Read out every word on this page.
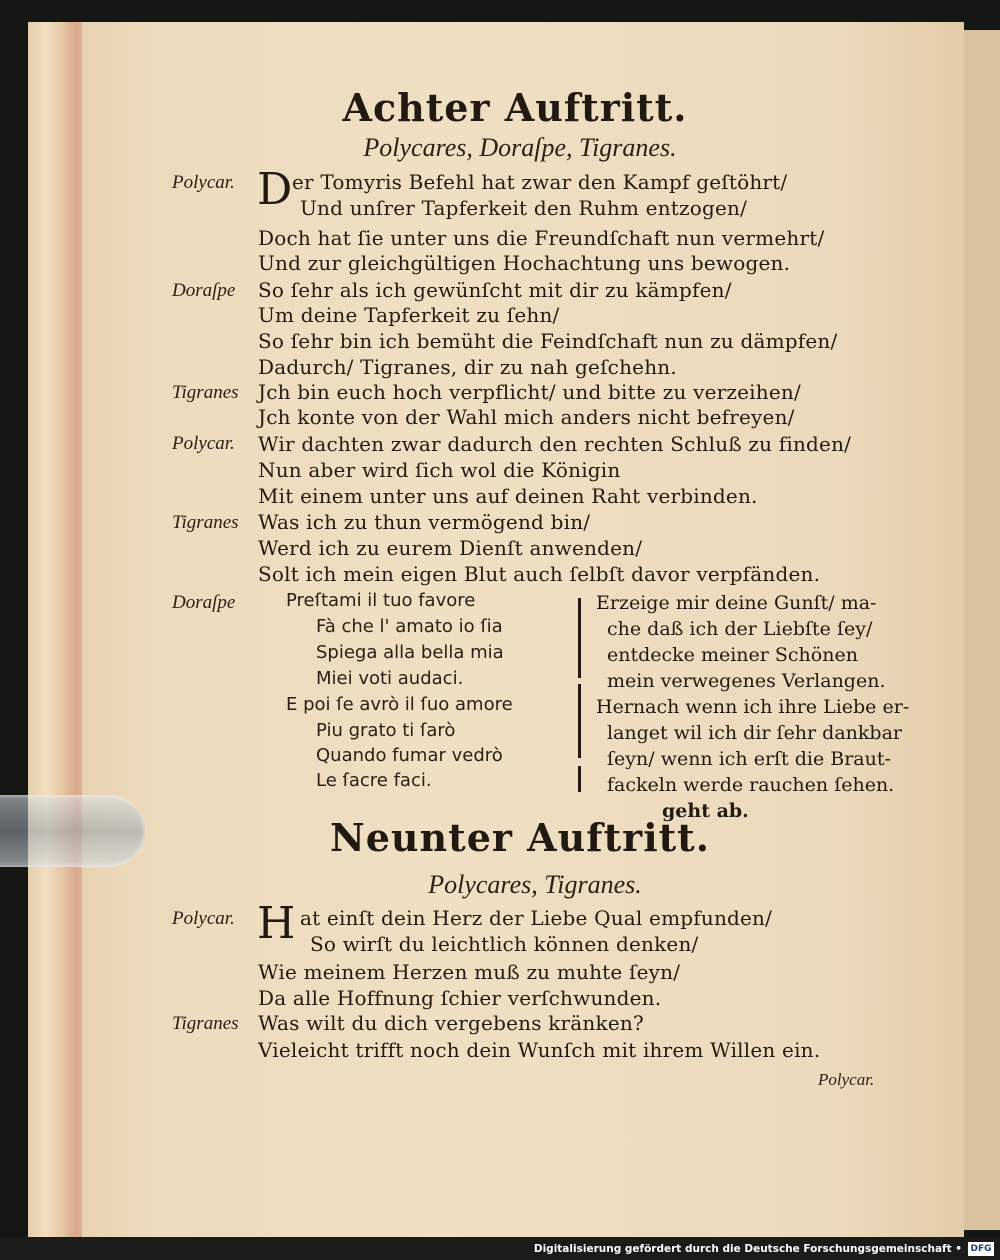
Achter Auftritt.
Polycares, Doraſpe, Tigranes.
Polycar. D er Tomyris Befehl hat zwar den Kampf geſtöhrt/
Und unſrer Tapferkeit den Ruhm entzogen/
Doch hat ſie unter uns die Freundſchaft nun vermehrt/
Und zur gleichgültigen Hochachtung uns bewogen.
Doraſpe So ſehr als ich gewünſcht mit dir zu kämpfen/
Um deine Tapferkeit zu ſehn/
So ſehr bin ich bemüht die Feindſchaft nun zu dämpfen/
Dadurch/ Tigranes, dir zu nah geſchehn.
Tigranes Jch bin euch hoch verpflicht/ und bitte zu verzeihen/
Jch konte von der Wahl mich anders nicht befreyen/
Polycar. Wir dachten zwar dadurch den rechten Schluß zu finden/
Nun aber wird ſich wol die Königin
Mit einem unter uns auf deinen Raht verbinden.
Tigranes Was ich zu thun vermögend bin/
Werd ich zu eurem Dienſt anwenden/
Solt ich mein eigen Blut auch ſelbſt davor verpfänden.
Doraſpe	Preſtami il tuo favore
Fà che l' amato io ſia
Spiega alla bella mia
Miei voti audaci.
E poi ſe avrò il ſuo amore
Piu grato ti ſarò
Quando fumar vedrò
Le ſacre faci.
Erzeige mir deine Gunſt/ ma-
che daß ich der Liebſte ſey/
entdecke meiner Schönen
mein verwegenes Verlangen.
Hernach wenn ich ihre Liebe er-
langet wil ich dir ſehr dankbar
ſeyn/ wenn ich erſt die Braut-
fackeln werde rauchen ſehen.
geht ab.
Neunter Auftritt.
Polycares, Tigranes.
Polycar. H at einſt dein Herz der Liebe Qual empfunden/
So wirſt du leichtlich können denken/
Wie meinem Herzen muß zu muhte ſeyn/
Da alle Hoffnung ſchier verſchwunden.
Tigranes Was wilt du dich vergebens kränken?
Vieleicht trifft noch dein Wunſch mit ihrem Willen ein.
Polycar.
Digitalisierung gefördert durch die Deutsche Forschungsgemeinschaft • DFG
